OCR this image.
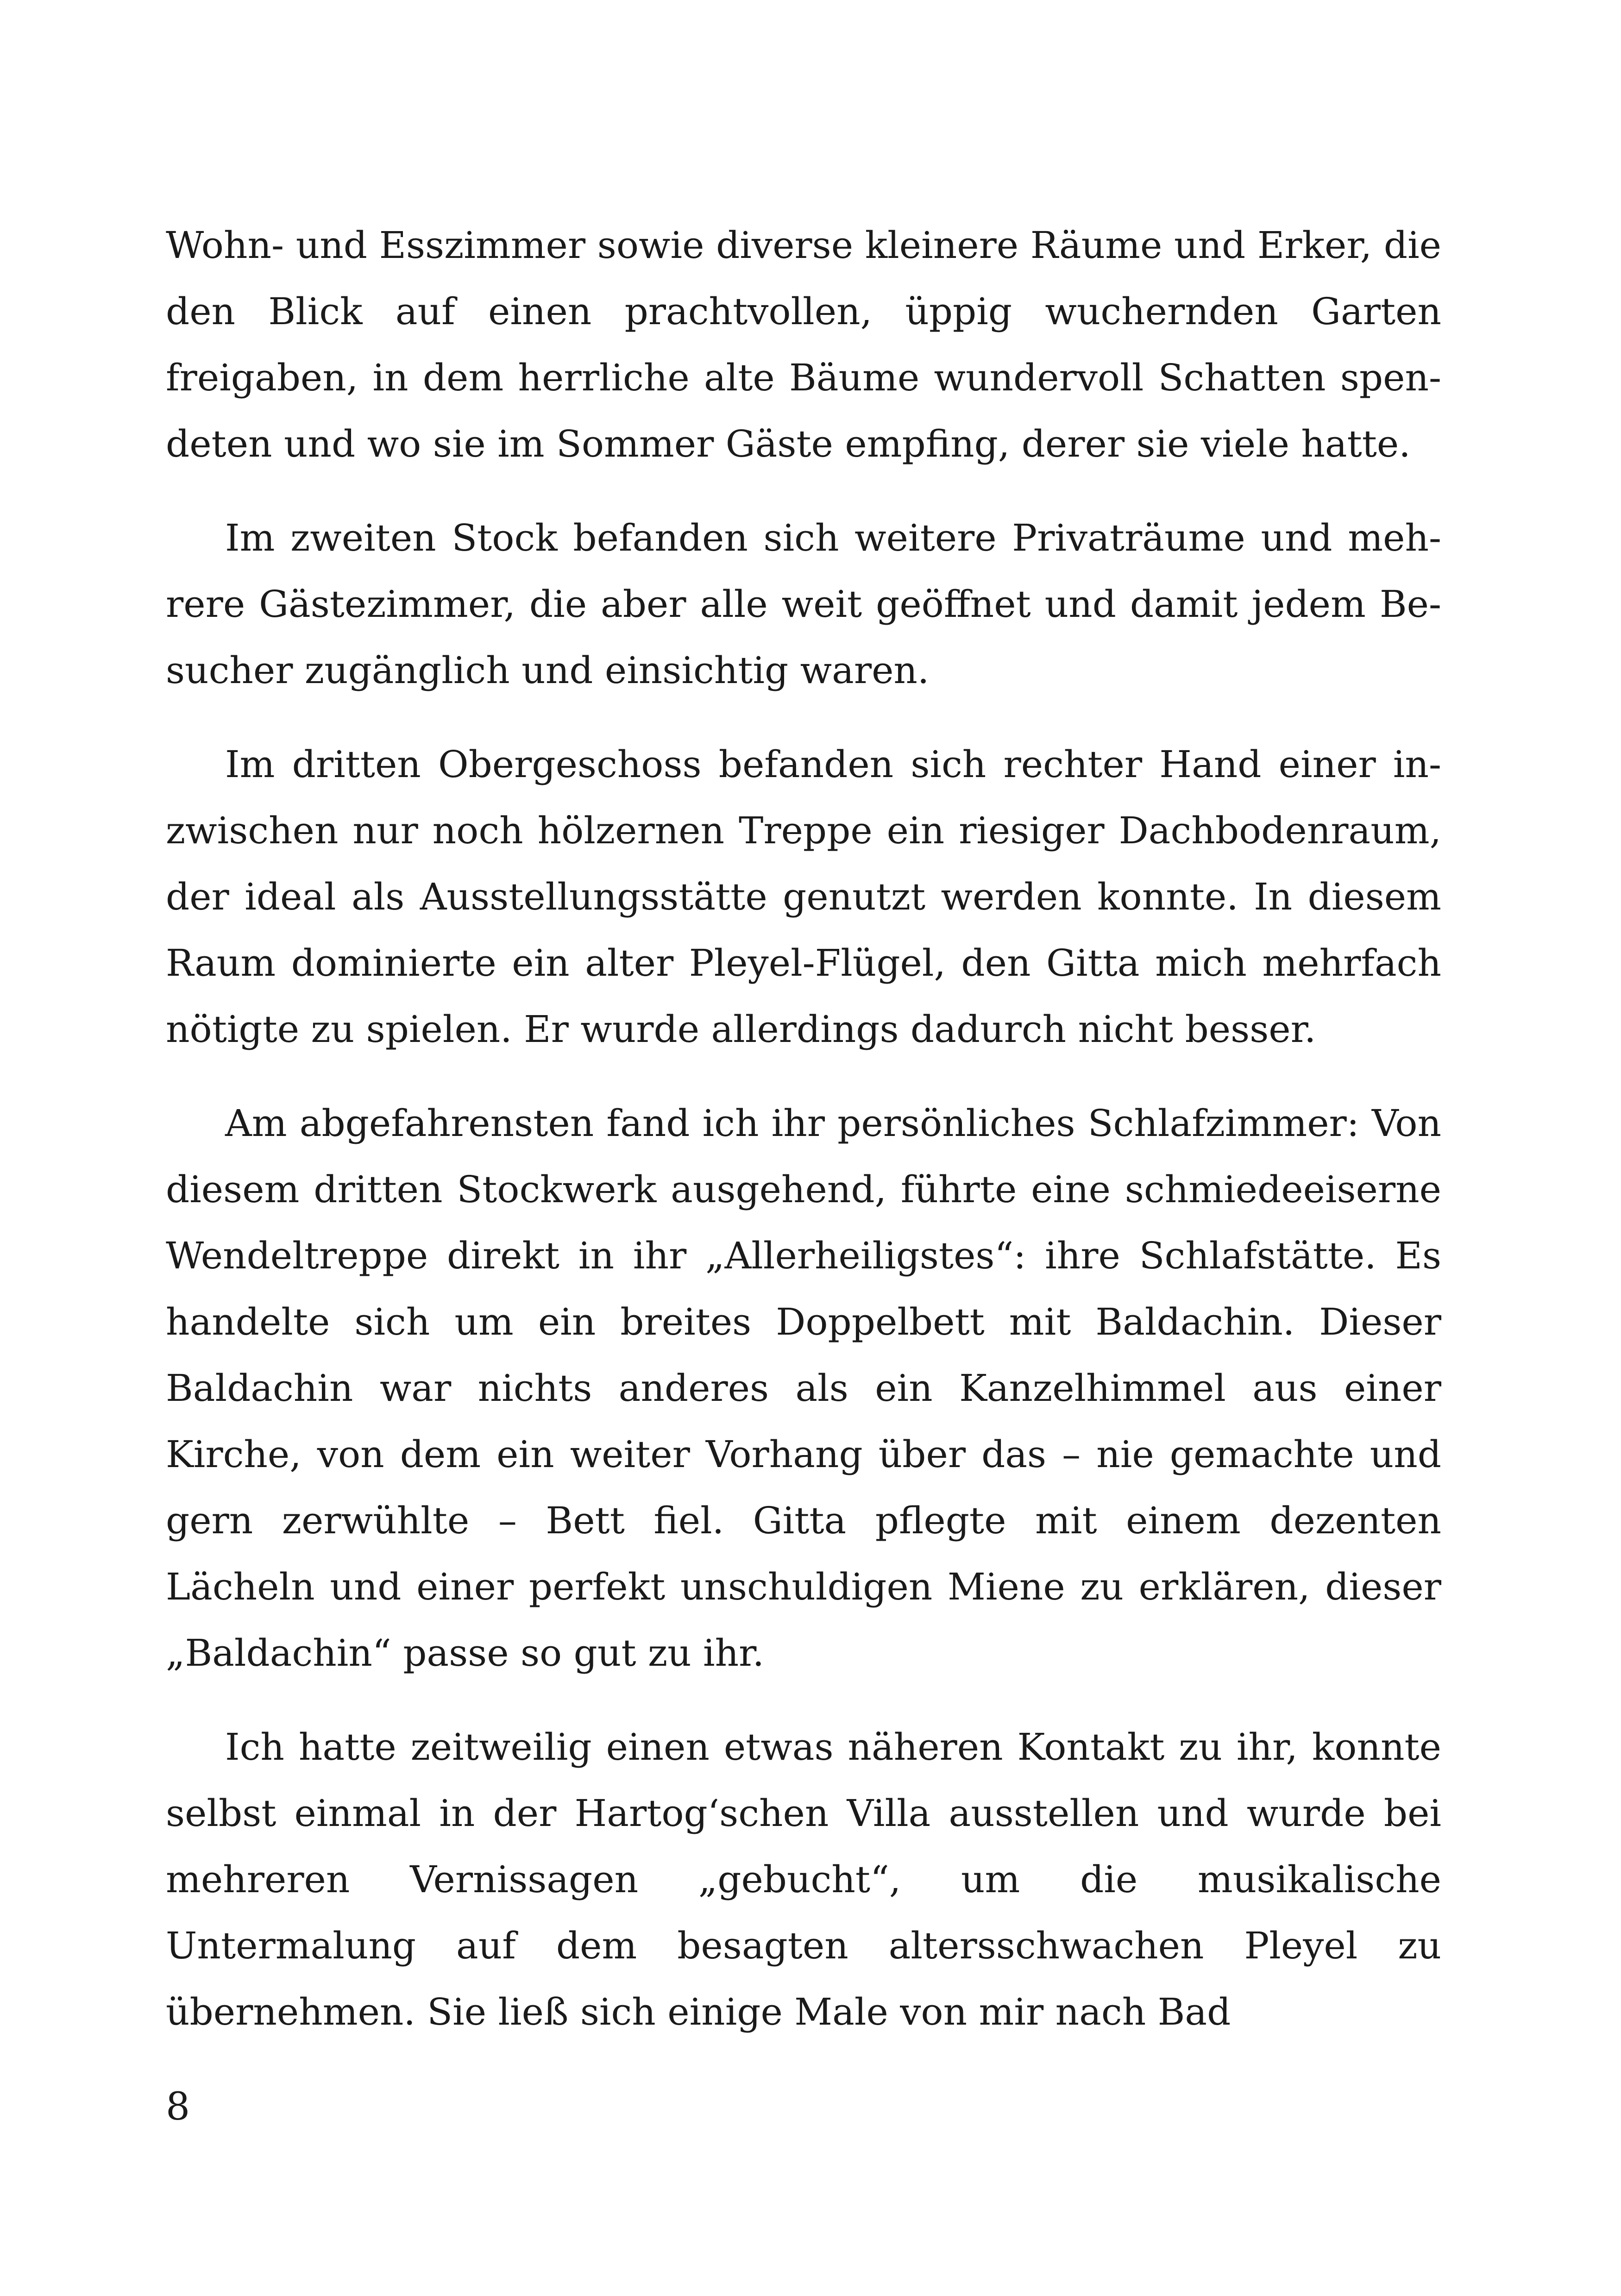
Wohn- und Esszimmer sowie diverse kleinere Räume und Erker, die den Blick auf einen prachtvollen, üppig wuchernden Garten freigaben, in dem herrliche alte Bäume wundervoll Schatten spendeten und wo sie im Sommer Gäste empfing, derer sie viele hatte.

Im zweiten Stock befanden sich weitere Privaträume und mehrere Gästezimmer, die aber alle weit geöffnet und damit jedem Besucher zugänglich und einsichtig waren.

Im dritten Obergeschoss befanden sich rechter Hand einer inzwischen nur noch hölzernen Treppe ein riesiger Dachbodenraum, der ideal als Ausstellungsstätte genutzt werden konnte. In diesem Raum dominierte ein alter Pleyel-Flügel, den Gitta mich mehrfach nötigte zu spielen. Er wurde allerdings dadurch nicht besser.

Am abgefahrensten fand ich ihr persönliches Schlafzimmer: Von diesem dritten Stockwerk ausgehend, führte eine schmiedeeiserne Wendeltreppe direkt in ihr „Allerheiligstes“: ihre Schlafstätte. Es handelte sich um ein breites Doppelbett mit Baldachin. Dieser Baldachin war nichts anderes als ein Kanzelhimmel aus einer Kirche, von dem ein weiter Vorhang über das – nie gemachte und gern zerwühlte – Bett fiel. Gitta pflegte mit einem dezenten Lächeln und einer perfekt unschuldigen Miene zu erklären, dieser „Baldachin“ passe so gut zu ihr.

Ich hatte zeitweilig einen etwas näheren Kontakt zu ihr, konnte selbst einmal in der Hartog‘schen Villa ausstellen und wurde bei mehreren Vernissagen „gebucht“, um die musikalische Untermalung auf dem besagten altersschwachen Pleyel zu übernehmen. Sie ließ sich einige Male von mir nach Bad

8
